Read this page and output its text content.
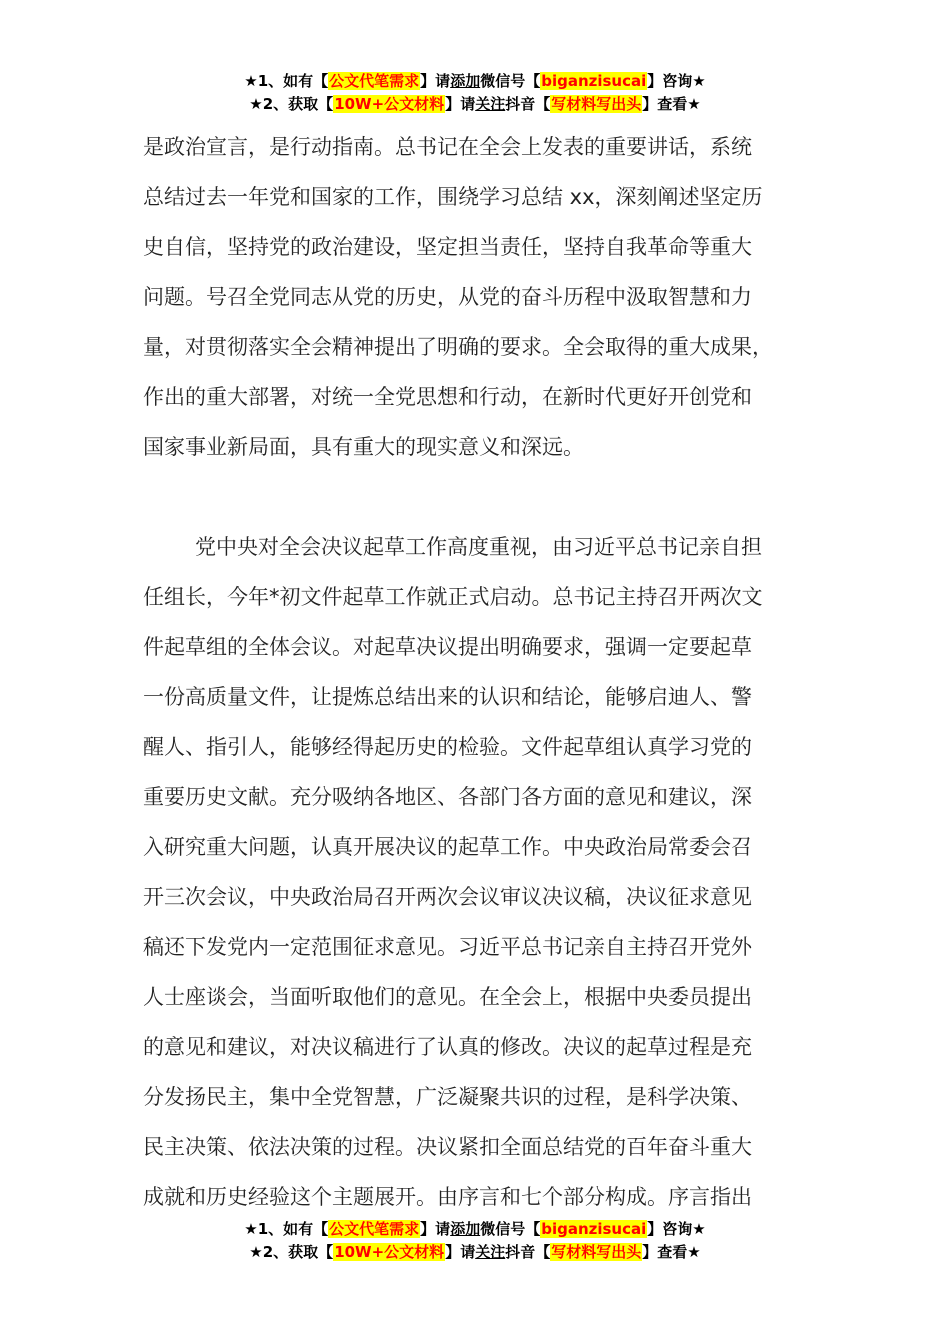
★1、如有【公文代笔需求】请添加微信号【biganzisucai】咨询★
★2、获取【10W+公文材料】请关注抖音【写材料写出头】查看★

是政治宣言，是行动指南。总书记在全会上发表的重要讲话，系统

总结过去一年党和国家的工作，围绕学习总结 xx，深刻阐述坚定历

史自信，坚持党的政治建设，坚定担当责任，坚持自我革命等重大

问题。号召全党同志从党的历史，从党的奋斗历程中汲取智慧和力

量，对贯彻落实全会精神提出了明确的要求。全会取得的重大成果，

作出的重大部署，对统一全党思想和行动，在新时代更好开创党和

国家事业新局面，具有重大的现实意义和深远。

党中央对全会决议起草工作高度重视，由习近平总书记亲自担

任组长，今年*初文件起草工作就正式启动。总书记主持召开两次文

件起草组的全体会议。对起草决议提出明确要求，强调一定要起草

一份高质量文件，让提炼总结出来的认识和结论，能够启迪人、警

醒人、指引人，能够经得起历史的检验。文件起草组认真学习党的

重要历史文献。充分吸纳各地区、各部门各方面的意见和建议，深

入研究重大问题，认真开展决议的起草工作。中央政治局常委会召

开三次会议，中央政治局召开两次会议审议决议稿，决议征求意见

稿还下发党内一定范围征求意见。习近平总书记亲自主持召开党外

人士座谈会，当面听取他们的意见。在全会上，根据中央委员提出

的意见和建议，对决议稿进行了认真的修改。决议的起草过程是充

分发扬民主，集中全党智慧，广泛凝聚共识的过程，是科学决策、

民主决策、依法决策的过程。决议紧扣全面总结党的百年奋斗重大

成就和历史经验这个主题展开。由序言和七个部分构成。序言指出

★1、如有【公文代笔需求】请添加微信号【biganzisucai】咨询★
★2、获取【10W+公文材料】请关注抖音【写材料写出头】查看★
